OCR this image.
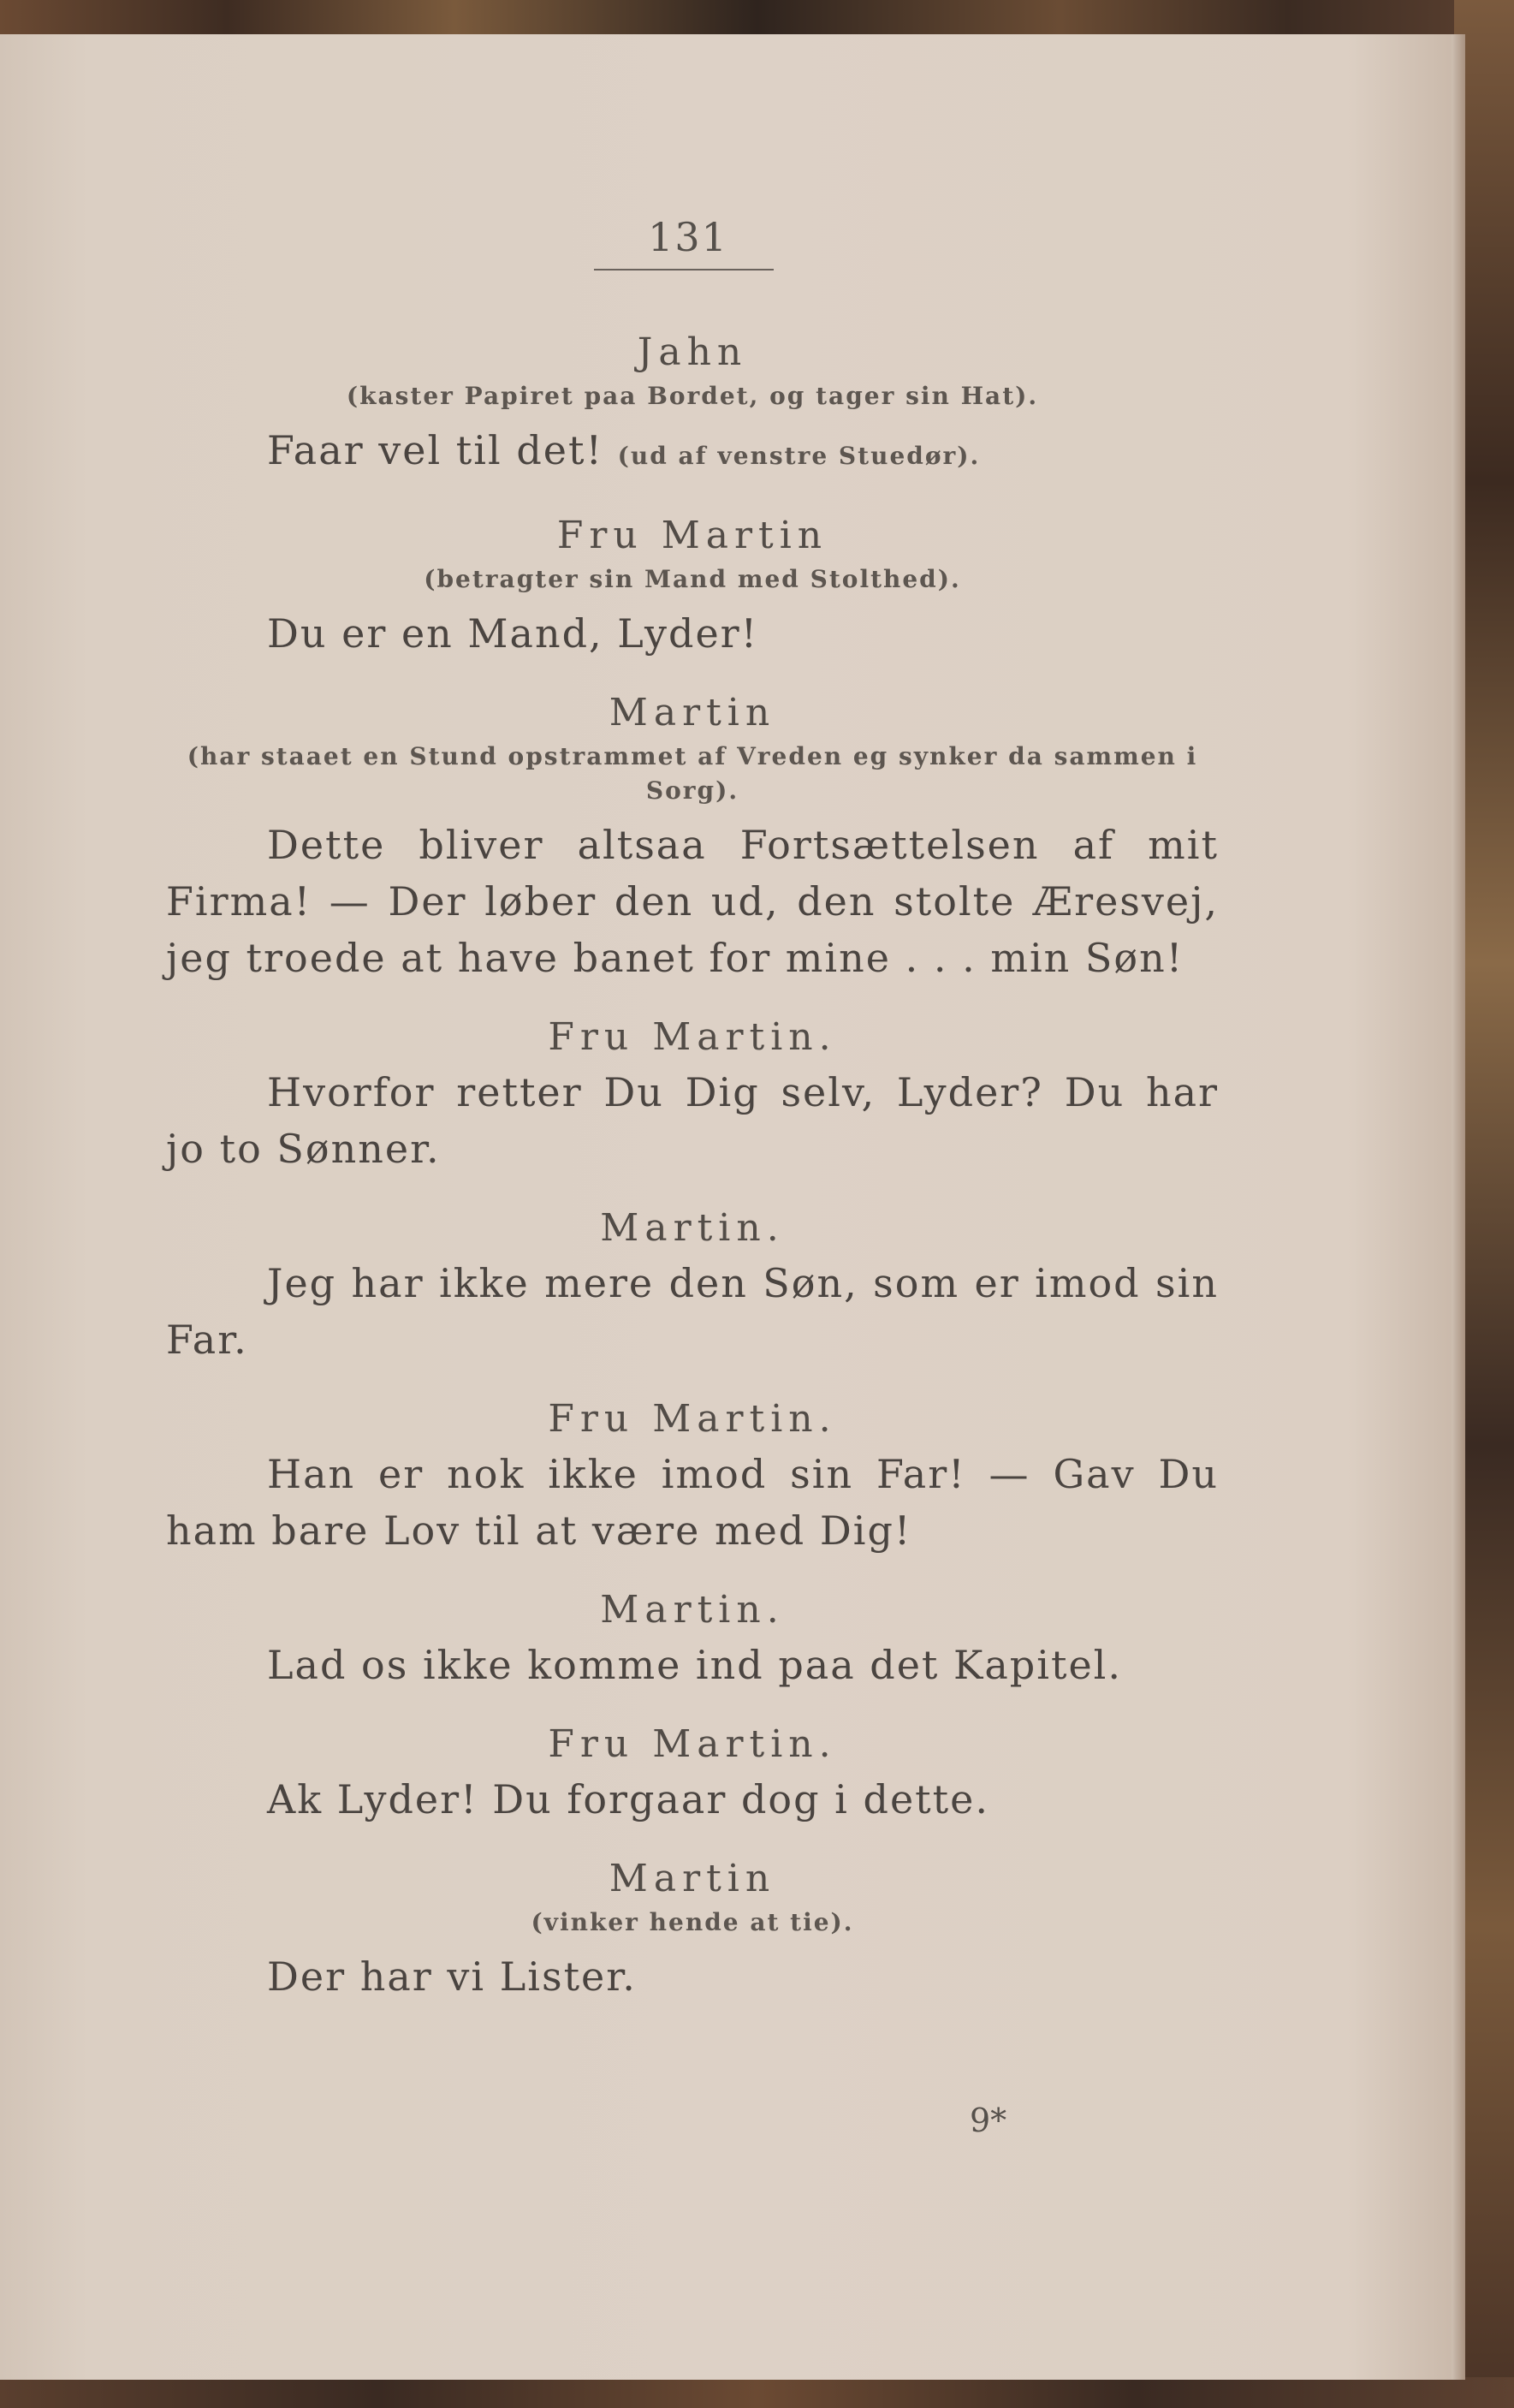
131
Jahn
(kaster Papiret paa Bordet, og tager sin Hat).
Faar vel til det! (ud af venstre Stuedør).
Fru Martin
(betragter sin Mand med Stolthed).
Du er en Mand, Lyder!
Martin
(har staaet en Stund opstrammet af Vreden eg synker da sammen i Sorg).
Dette bliver altsaa Fortsættelsen af mit Firma! — Der løber den ud, den stolte Æresvej, jeg troede at have banet for mine . . . min Søn!
Fru Martin.
Hvorfor retter Du Dig selv, Lyder? Du har jo to Sønner.
Martin.
Jeg har ikke mere den Søn, som er imod sin Far.
Fru Martin.
Han er nok ikke imod sin Far! — Gav Du ham bare Lov til at være med Dig!
Martin.
Lad os ikke komme ind paa det Kapitel.
Fru Martin.
Ak Lyder! Du forgaar dog i dette.
Martin
(vinker hende at tie).
Der har vi Lister.
9*
